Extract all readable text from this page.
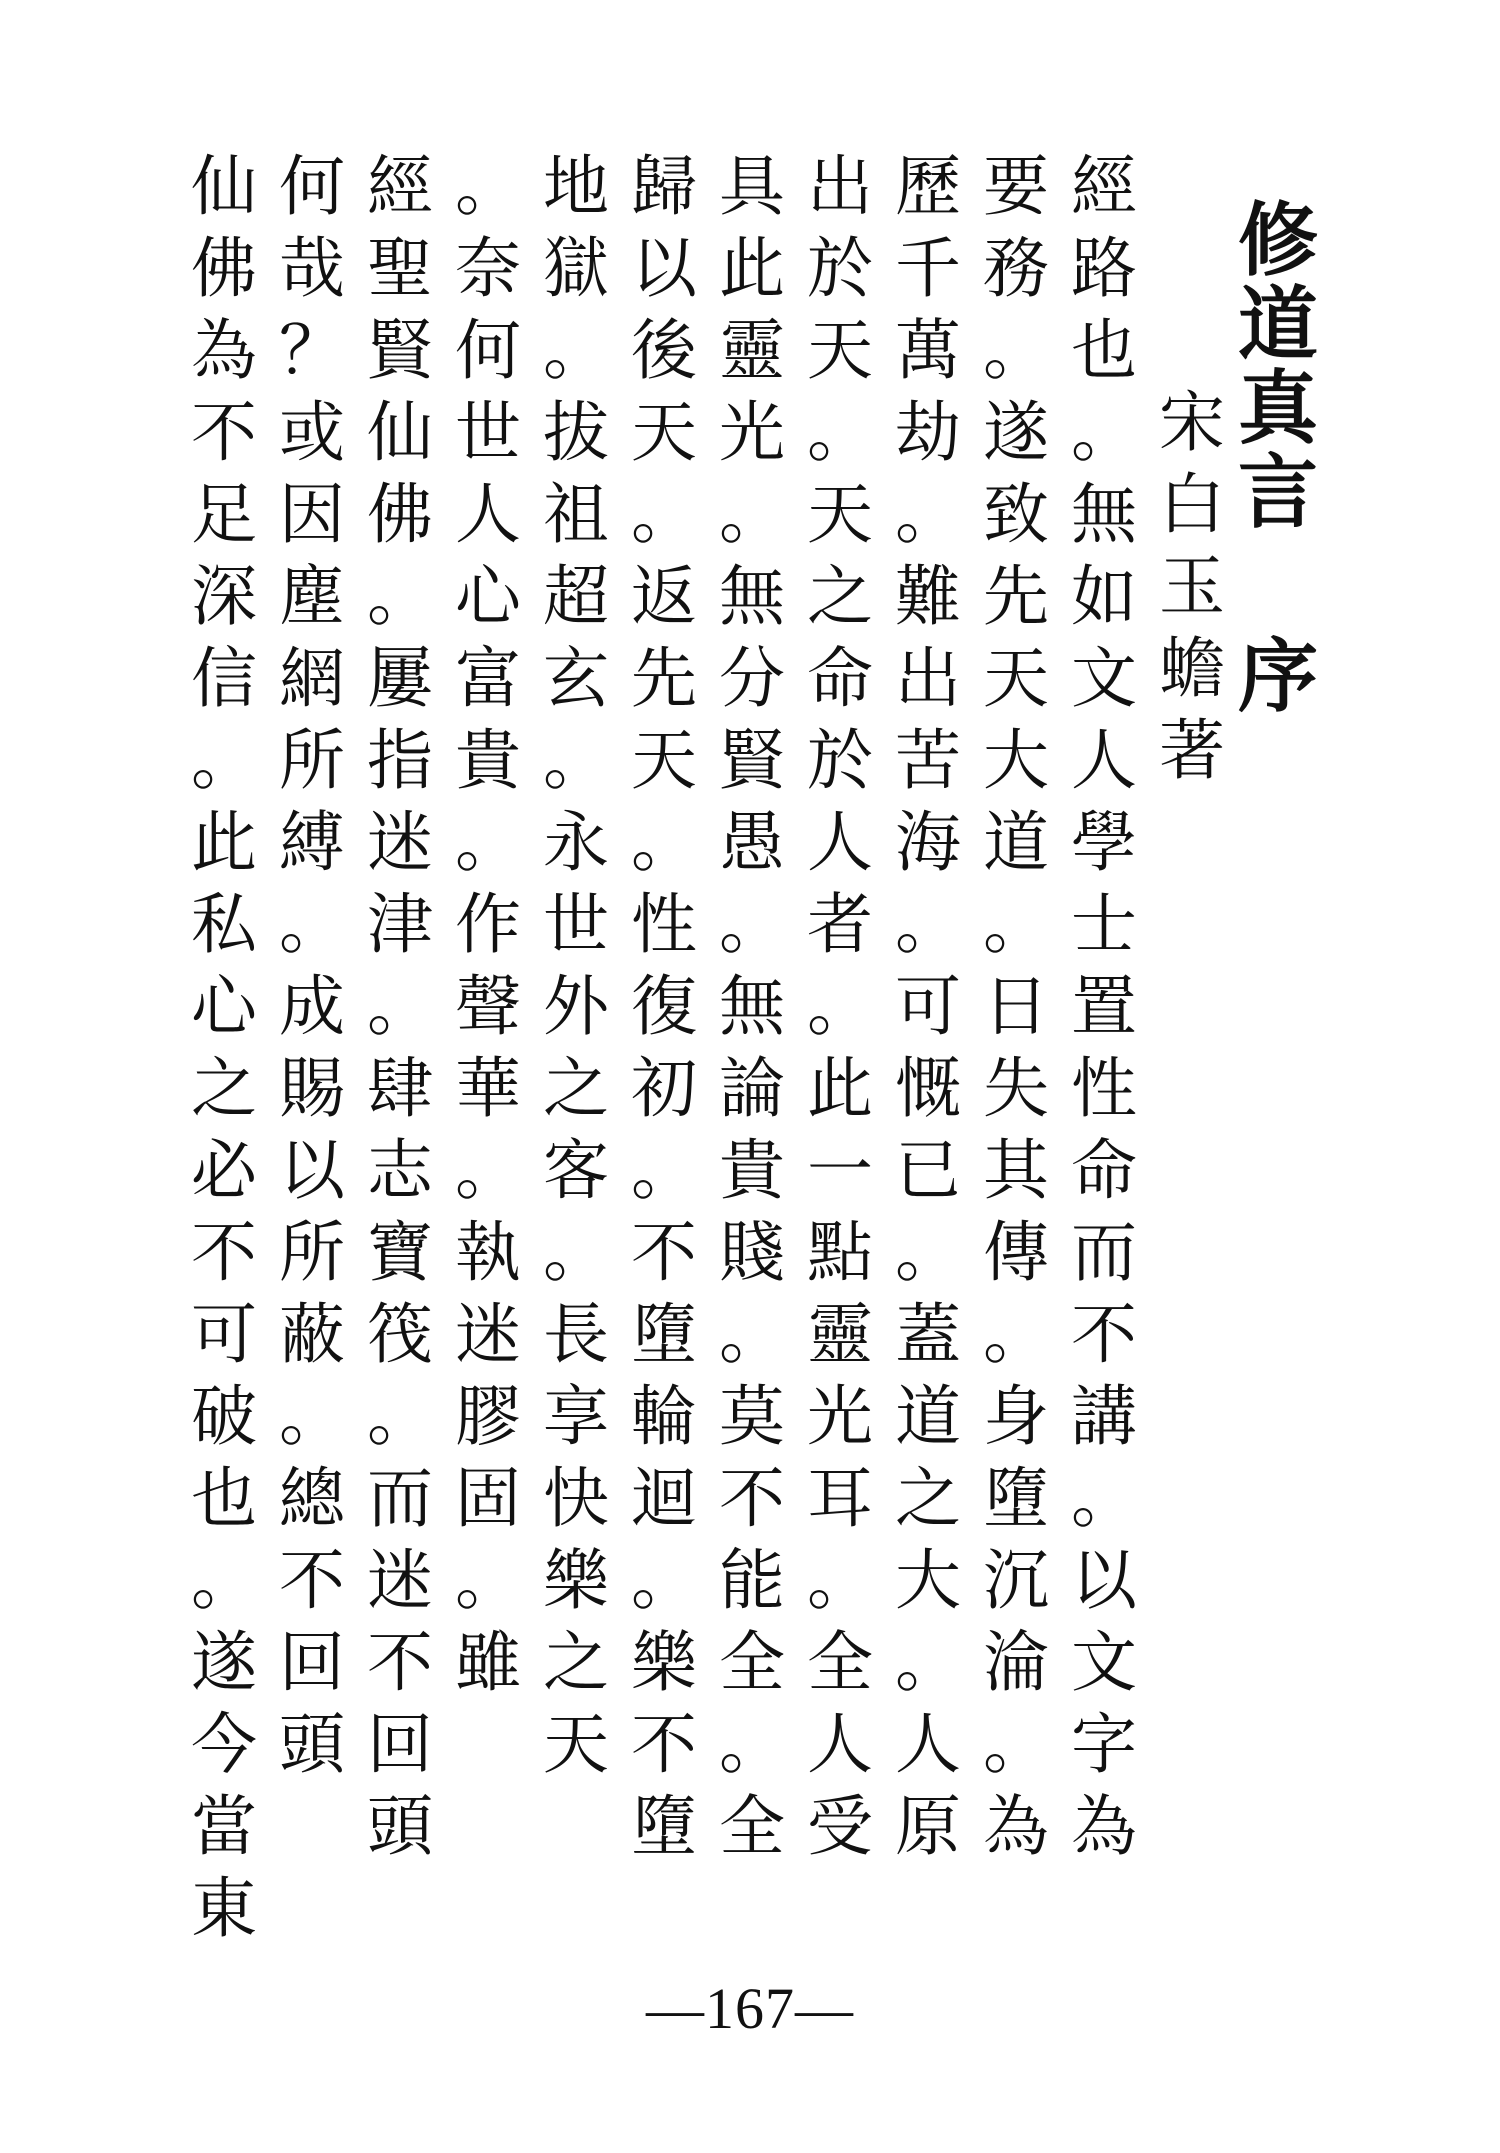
修
道
真
言
序
宋
白
玉
蟾
著
經
路
也
。
無
如
文
人
學
士
置
性
命
而
不
講
。
以
文
字
為
要
務
。
遂
致
先
天
大
道
。
日
失
其
傳
。
身
墮
沉
淪
。
為
歷
千
萬
劫
。
難
出
苦
海
。
可
慨
已
。
蓋
道
之
大
。
人
原
出
於
天
。
天
之
命
於
人
者
。
此
一
點
靈
光
耳
。
全
人
受
具
此
靈
光
。
無
分
賢
愚
。
無
論
貴
賤
。
莫
不
能
全
。
全
歸
以
後
天
。
返
先
天
。
性
復
初
。
不
墮
輪
迴
。
樂
不
墮
地
獄
。
拔
祖
超
玄
。
永
世
外
之
客
。
長
享
快
樂
之
天
。
奈
何
世
人
心
富
貴
。
作
聲
華
。
執
迷
膠
固
。
雖
經
聖
賢
仙
佛
。
屢
指
迷
津
。
肆
志
寶
筏
。
而
迷
不
回
頭
何
哉
？
或
因
塵
網
所
縛
。
成
賜
以
所
蔽
。
總
不
回
頭
仙
佛
為
不
足
深
信
。
此
私
心
之
必
不
可
破
也
。
遂
今
當
東
—167—
